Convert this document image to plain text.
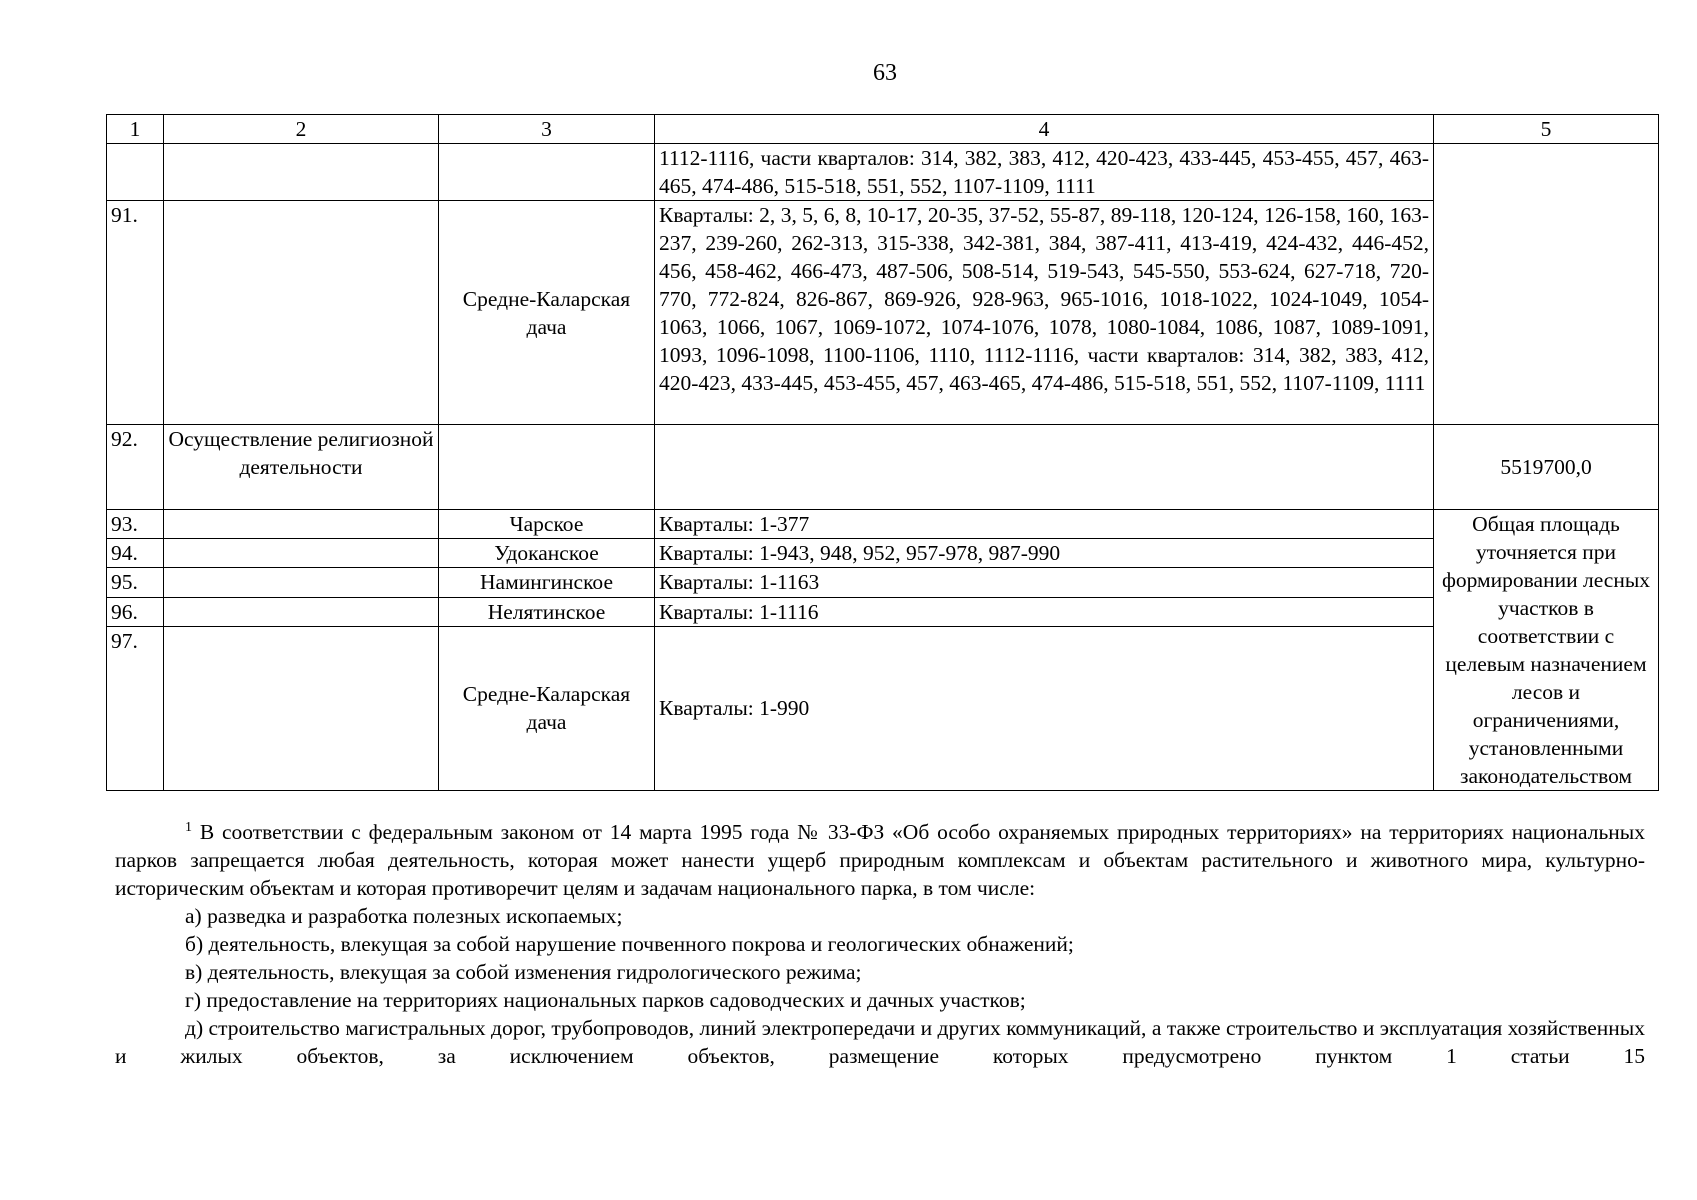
63
1	2	3	4	5
			1112-1116, части кварталов: 314, 382, 383, 412, 420-423, 433-445, 453-455, 457, 463-465, 474-486, 515-518, 551, 552, 1107-1109, 1111	
91.		Средне-Каларская дача	Кварталы: 2, 3, 5, 6, 8, 10-17, 20-35, 37-52, 55-87, 89-118, 120-124, 126-158, 160, 163-237, 239-260, 262-313, 315-338, 342-381, 384, 387-411, 413-419, 424-432, 446-452, 456, 458-462, 466-473, 487-506, 508-514, 519-543, 545-550, 553-624, 627-718, 720-770, 772-824, 826-867, 869-926, 928-963, 965-1016, 1018-1022, 1024-1049, 1054-1063, 1066, 1067, 1069-1072, 1074-1076, 1078, 1080-1084, 1086, 1087, 1089-1091, 1093, 1096-1098, 1100-1106, 1110, 1112-1116, части кварталов: 314, 382, 383, 412, 420-423, 433-445, 453-455, 457, 463-465, 474-486, 515-518, 551, 552, 1107-1109, 1111	
92.	Осуществление религиозной деятельности			5519700,0
93.		Чарское	Кварталы: 1-377	Общая площадь уточняется при формировании лесных участков в соответствии с целевым назначением лесов и ограничениями, установленными законодательством
94.		Удоканское	Кварталы: 1-943, 948, 952, 957-978, 987-990	
95.		Намингинское	Кварталы: 1-1163	
96.		Нелятинское	Кварталы: 1-1116	
97.		Средне-Каларская дача	Кварталы: 1-990	

$^1$ В соответствии с федеральным законом от 14 марта 1995 года № 33-ФЗ «Об особо охраняемых природных территориях» на территориях национальных парков запрещается любая деятельность, которая может нанести ущерб природным комплексам и объектам растительного и животного мира, культурно-историческим объектам и которая противоречит целям и задачам национального парка, в том числе:

а) разведка и разработка полезных ископаемых;

б) деятельность, влекущая за собой нарушение почвенного покрова и геологических обнажений;

в) деятельность, влекущая за собой изменения гидрологического режима;

г) предоставление на территориях национальных парков садоводческих и дачных участков;

д) строительство магистральных дорог, трубопроводов, линий электропередачи и других коммуникаций, а также строительство и эксплуатация хозяйственных и жилых объектов, за исключением объектов, размещение которых предусмотрено пунктом 1 статьи 15
